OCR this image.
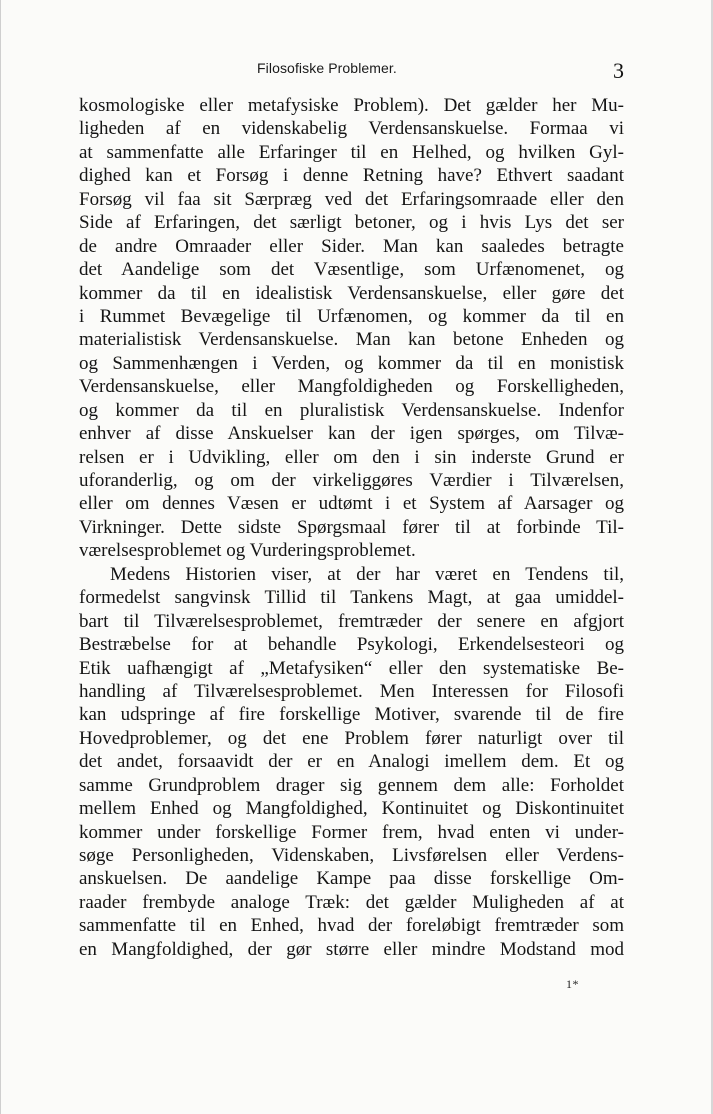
Filosofiske Problemer.	3
kosmologiske eller metafysiske Problem). Det gælder her Mu-
ligheden af en videnskabelig Verdensanskuelse. Formaa vi
at sammenfatte alle Erfaringer til en Helhed, og hvilken Gyl-
dighed kan et Forsøg i denne Retning have? Ethvert saadant
Forsøg vil faa sit Særpræg ved det Erfaringsomraade eller den
Side af Erfaringen, det særligt betoner, og i hvis Lys det ser
de andre Omraader eller Sider. Man kan saaledes betragte
det Aandelige som det Væsentlige, som Urfænomenet, og
kommer da til en idealistisk Verdensanskuelse, eller gøre det
i Rummet Bevægelige til Urfænomen, og kommer da til en
materialistisk Verdensanskuelse. Man kan betone Enheden og
og Sammenhængen i Verden, og kommer da til en monistisk
Verdensanskuelse, eller Mangfoldigheden og Forskelligheden,
og kommer da til en pluralistisk Verdensanskuelse. Indenfor
enhver af disse Anskuelser kan der igen spørges, om Tilvæ-
relsen er i Udvikling, eller om den i sin inderste Grund er
uforanderlig, og om der virkeliggøres Værdier i Tilværelsen,
eller om dennes Væsen er udtømt i et System af Aarsager og
Virkninger. Dette sidste Spørgsmaal fører til at forbinde Til-
værelsesproblemet og Vurderingsproblemet.
Medens Historien viser, at der har været en Tendens til,
formedelst sangvinsk Tillid til Tankens Magt, at gaa umiddel-
bart til Tilværelsesproblemet, fremtræder der senere en afgjort
Bestræbelse for at behandle Psykologi, Erkendelsesteori og
Etik uafhængigt af „Metafysiken“ eller den systematiske Be-
handling af Tilværelsesproblemet. Men Interessen for Filosofi
kan udspringe af fire forskellige Motiver, svarende til de fire
Hovedproblemer, og det ene Problem fører naturligt over til
det andet, forsaavidt der er en Analogi imellem dem. Et og
samme Grundproblem drager sig gennem dem alle: Forholdet
mellem Enhed og Mangfoldighed, Kontinuitet og Diskontinuitet
kommer under forskellige Former frem, hvad enten vi under-
søge Personligheden, Videnskaben, Livsførelsen eller Verdens-
anskuelsen. De aandelige Kampe paa disse forskellige Om-
raader frembyde analoge Træk: det gælder Muligheden af at
sammenfatte til en Enhed, hvad der foreløbigt fremtræder som
en Mangfoldighed, der gør større eller mindre Modstand mod
1*
